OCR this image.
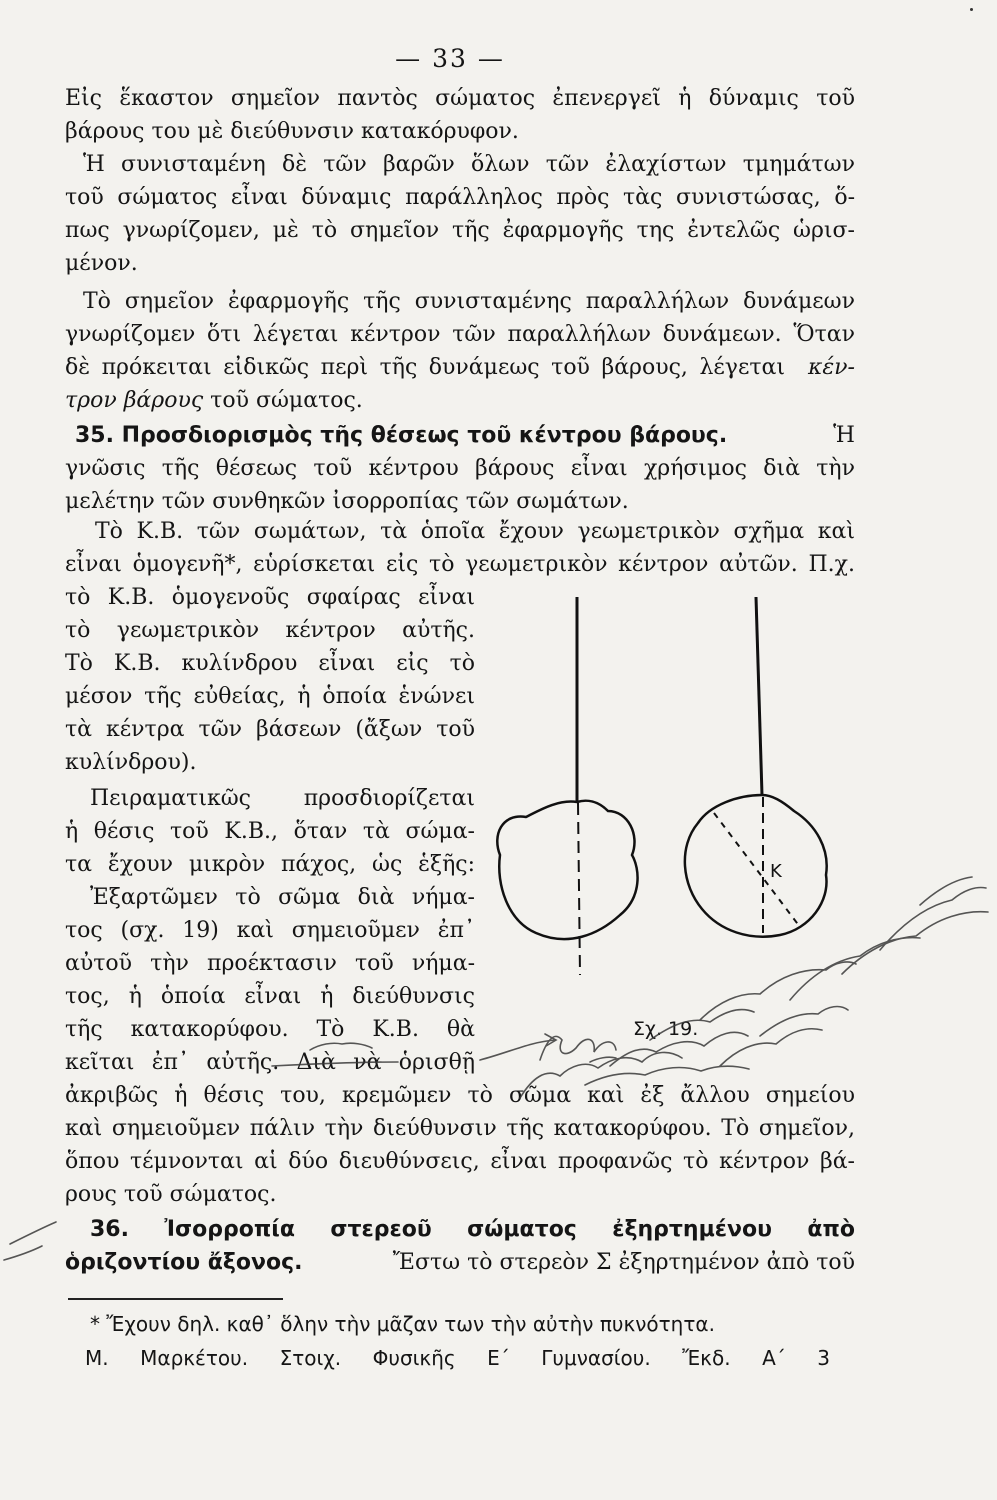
— 33 —
Εἰς ἕκαστον σημεῖον παντὸς σώματος ἐπενεργεῖ ἡ δύναμις τοῦ
βάρους του μὲ διεύθυνσιν κατακόρυφον.
Ἡ συνισταμένη δὲ τῶν βαρῶν ὅλων τῶν ἐλαχίστων τμημάτων
τοῦ σώματος εἶναι δύναμις παράλληλος πρὸς τὰς συνιστώσας, ὅ-
πως γνωρίζομεν, μὲ τὸ σημεῖον τῆς ἐφαρμογῆς της ἐντελῶς ὡρισ-
μένον.
Τὸ σημεῖον ἐφαρμογῆς τῆς συνισταμένης παραλλήλων δυνάμεων
γνωρίζομεν ὅτι λέγεται κέντρον τῶν παραλλήλων δυνάμεων. Ὅταν
δὲ πρόκειται εἰδικῶς περὶ τῆς δυνάμεως τοῦ βάρους, λέγεται	κέν-
τρον βάρους τοῦ σώματος.
35. Προσδιορισμὸς τῆς θέσεως τοῦ κέντρου βάρους.	Ἡ
γνῶσις τῆς θέσεως τοῦ κέντρου βάρους εἶναι χρήσιμος διὰ τὴν
μελέτην τῶν συνθηκῶν ἰσορροπίας τῶν σωμάτων.
Τὸ Κ.Β. τῶν σωμάτων, τὰ ὁποῖα ἔχουν γεωμετρικὸν σχῆμα καὶ
εἶναι ὁμογενῆ*, εὑρίσκεται εἰς τὸ γεωμετρικὸν κέντρον αὐτῶν. Π.χ.
τὸ Κ.Β. ὁμογενοῦς σφαίρας εἶναι
τὸ γεωμετρικὸν κέντρον αὐτῆς.
Τὸ Κ.Β. κυλίνδρου εἶναι εἰς τὸ
μέσον τῆς εὐθείας, ἡ ὁποία ἑνώνει
τὰ κέντρα τῶν βάσεων (ἄξων τοῦ
κυλίνδρου).
Πειραματικῶς προσδιορίζεται
ἡ θέσις τοῦ Κ.Β., ὅταν τὰ σώμα-
τα ἔχουν μικρὸν πάχος, ὡς ἑξῆς:
Ἐξαρτῶμεν τὸ σῶμα διὰ νήμα-
τος (σχ. 19) καὶ σημειοῦμεν ἐπ᾽
αὐτοῦ τὴν προέκτασιν τοῦ νήμα-
τος, ἡ ὁποία εἶναι ἡ διεύθυνσις
τῆς κατακορύφου. Τὸ Κ.Β. θὰ
κεῖται ἐπ᾽ αὐτῆς. Διὰ νὰ ὁρισθῇ
ἀκριβῶς ἡ θέσις του, κρεμῶμεν τὸ σῶμα καὶ ἐξ ἄλλου σημείου
καὶ σημειοῦμεν πάλιν τὴν διεύθυνσιν τῆς κατακορύφου. Τὸ σημεῖον,
ὅπου τέμνονται αἱ δύο διευθύνσεις, εἶναι προφανῶς τὸ κέντρον βά-
ρους τοῦ σώματος.
36. Ἰσορροπία στερεοῦ σώματος ἐξηρτημένου ἀπὸ
ὁριζοντίου ἄξονος.	Ἔστω τὸ στερεὸν Σ ἐξηρτημένον ἀπὸ τοῦ
Κ
Σχ. 19.
* Ἔχουν δηλ. καθ᾽ ὅλην τὴν μᾶζαν των τὴν αὐτὴν πυκνότητα.
Μ. Μαρκέτου. Στοιχ. Φυσικῆς Ε΄ Γυμνασίου. Ἔκδ. Α΄ 3
